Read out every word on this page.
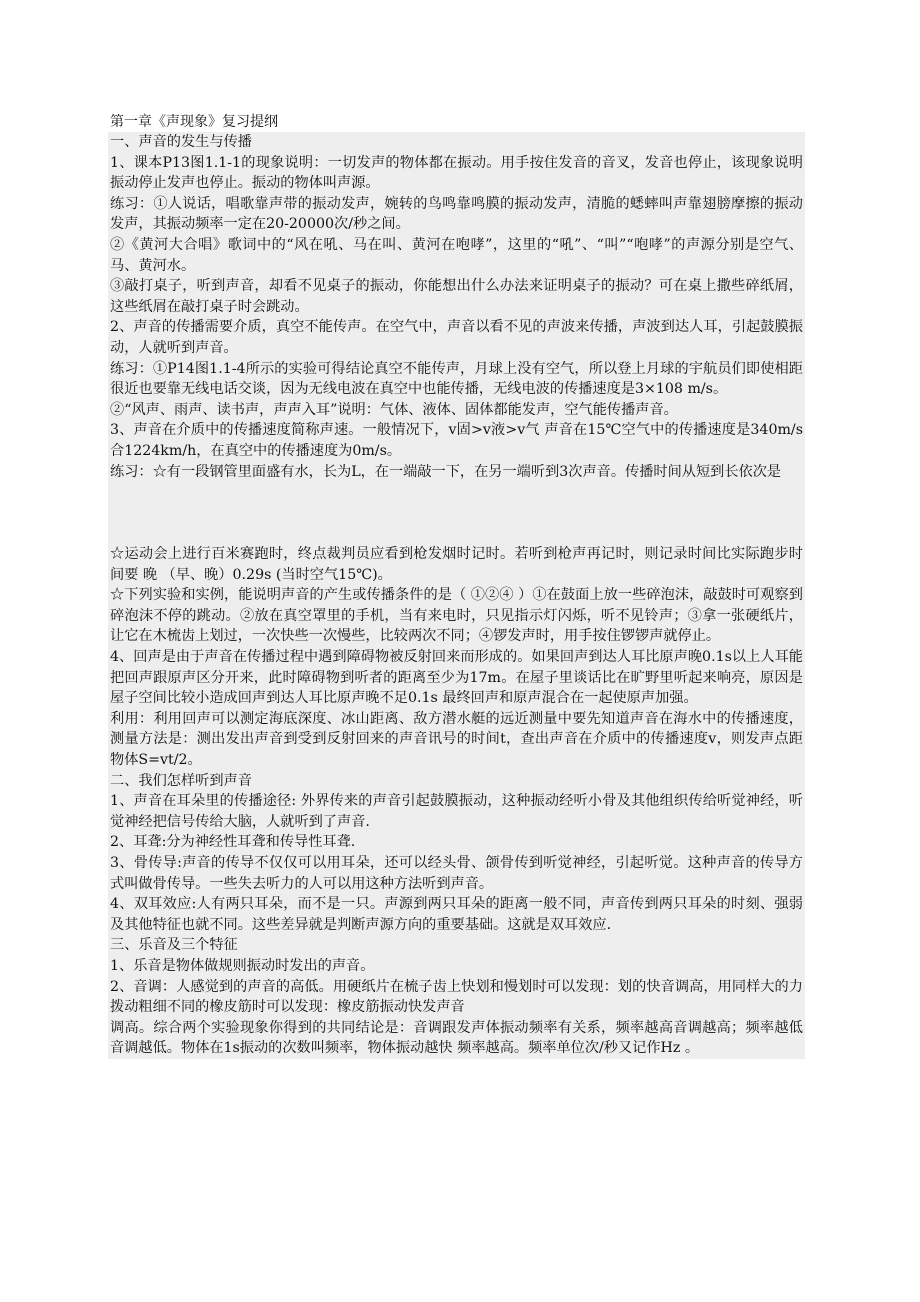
第一章《声现象》复习提纲

一、声音的发生与传播

1、课本P13图1.1-1的现象说明：一切发声的物体都在振动。用手按住发音的音叉，发音也停止，该现象说明振动停止发声也停止。振动的物体叫声源。

练习：①人说话，唱歌靠声带的振动发声，婉转的鸟鸣靠鸣膜的振动发声，清脆的蟋蟀叫声靠翅膀摩擦的振动发声，其振动频率一定在20-20000次/秒之间。

②《黄河大合唱》歌词中的“风在吼、马在叫、黄河在咆哮”，这里的“吼”、“叫”“咆哮”的声源分别是空气、马、黄河水。

③敲打桌子，听到声音，却看不见桌子的振动，你能想出什么办法来证明桌子的振动？可在桌上撒些碎纸屑，这些纸屑在敲打桌子时会跳动。

2、声音的传播需要介质，真空不能传声。在空气中，声音以看不见的声波来传播，声波到达人耳，引起鼓膜振动，人就听到声音。

练习：①P14图1.1-4所示的实验可得结论真空不能传声，月球上没有空气，所以登上月球的宇航员们即使相距很近也要靠无线电话交谈，因为无线电波在真空中也能传播，无线电波的传播速度是3×108 m/s。

②“风声、雨声、读书声，声声入耳”说明：气体、液体、固体都能发声，空气能传播声音。

3、声音在介质中的传播速度简称声速。一般情况下，v固>v液>v气 声音在15℃空气中的传播速度是340m/s合1224km/h，在真空中的传播速度为0m/s。

练习：☆有一段钢管里面盛有水，长为L，在一端敲一下，在另一端听到3次声音。传播时间从短到长依次是

☆运动会上进行百米赛跑时，终点裁判员应看到枪发烟时记时。若听到枪声再记时，则记录时间比实际跑步时间要 晚 （早、晚）0.29s (当时空气15℃)。

☆下列实验和实例，能说明声音的产生或传播条件的是（ ①②④ ）①在鼓面上放一些碎泡沫，敲鼓时可观察到碎泡沫不停的跳动。②放在真空罩里的手机，当有来电时，只见指示灯闪烁，听不见铃声；③拿一张硬纸片，让它在木梳齿上划过，一次快些一次慢些，比较两次不同；④锣发声时，用手按住锣锣声就停止。

4、回声是由于声音在传播过程中遇到障碍物被反射回来而形成的。如果回声到达人耳比原声晚0.1s以上人耳能把回声跟原声区分开来，此时障碍物到听者的距离至少为17m。在屋子里谈话比在旷野里听起来响亮，原因是屋子空间比较小造成回声到达人耳比原声晚不足0.1s 最终回声和原声混合在一起使原声加强。

利用：利用回声可以测定海底深度、冰山距离、敌方潜水艇的远近测量中要先知道声音在海水中的传播速度，测量方法是：测出发出声音到受到反射回来的声音讯号的时间t，查出声音在介质中的传播速度v，则发声点距物体S=vt/2。

二、我们怎样听到声音

1、声音在耳朵里的传播途径: 外界传来的声音引起鼓膜振动，这种振动经听小骨及其他组织传给听觉神经，听觉神经把信号传给大脑，人就听到了声音.

2、耳聋:分为神经性耳聋和传导性耳聋.

3、骨传导:声音的传导不仅仅可以用耳朵，还可以经头骨、颌骨传到听觉神经，引起听觉。这种声音的传导方式叫做骨传导。一些失去听力的人可以用这种方法听到声音。

4、双耳效应:人有两只耳朵，而不是一只。声源到两只耳朵的距离一般不同，声音传到两只耳朵的时刻、强弱及其他特征也就不同。这些差异就是判断声源方向的重要基础。这就是双耳效应.

三、乐音及三个特征

1、乐音是物体做规则振动时发出的声音。

2、音调：人感觉到的声音的高低。用硬纸片在梳子齿上快划和慢划时可以发现：划的快音调高，用同样大的力拨动粗细不同的橡皮筋时可以发现：橡皮筋振动快发声音

调高。综合两个实验现象你得到的共同结论是：音调跟发声体振动频率有关系，频率越高音调越高；频率越低音调越低。物体在1s振动的次数叫频率，物体振动越快 频率越高。频率单位次/秒又记作Hz 。
